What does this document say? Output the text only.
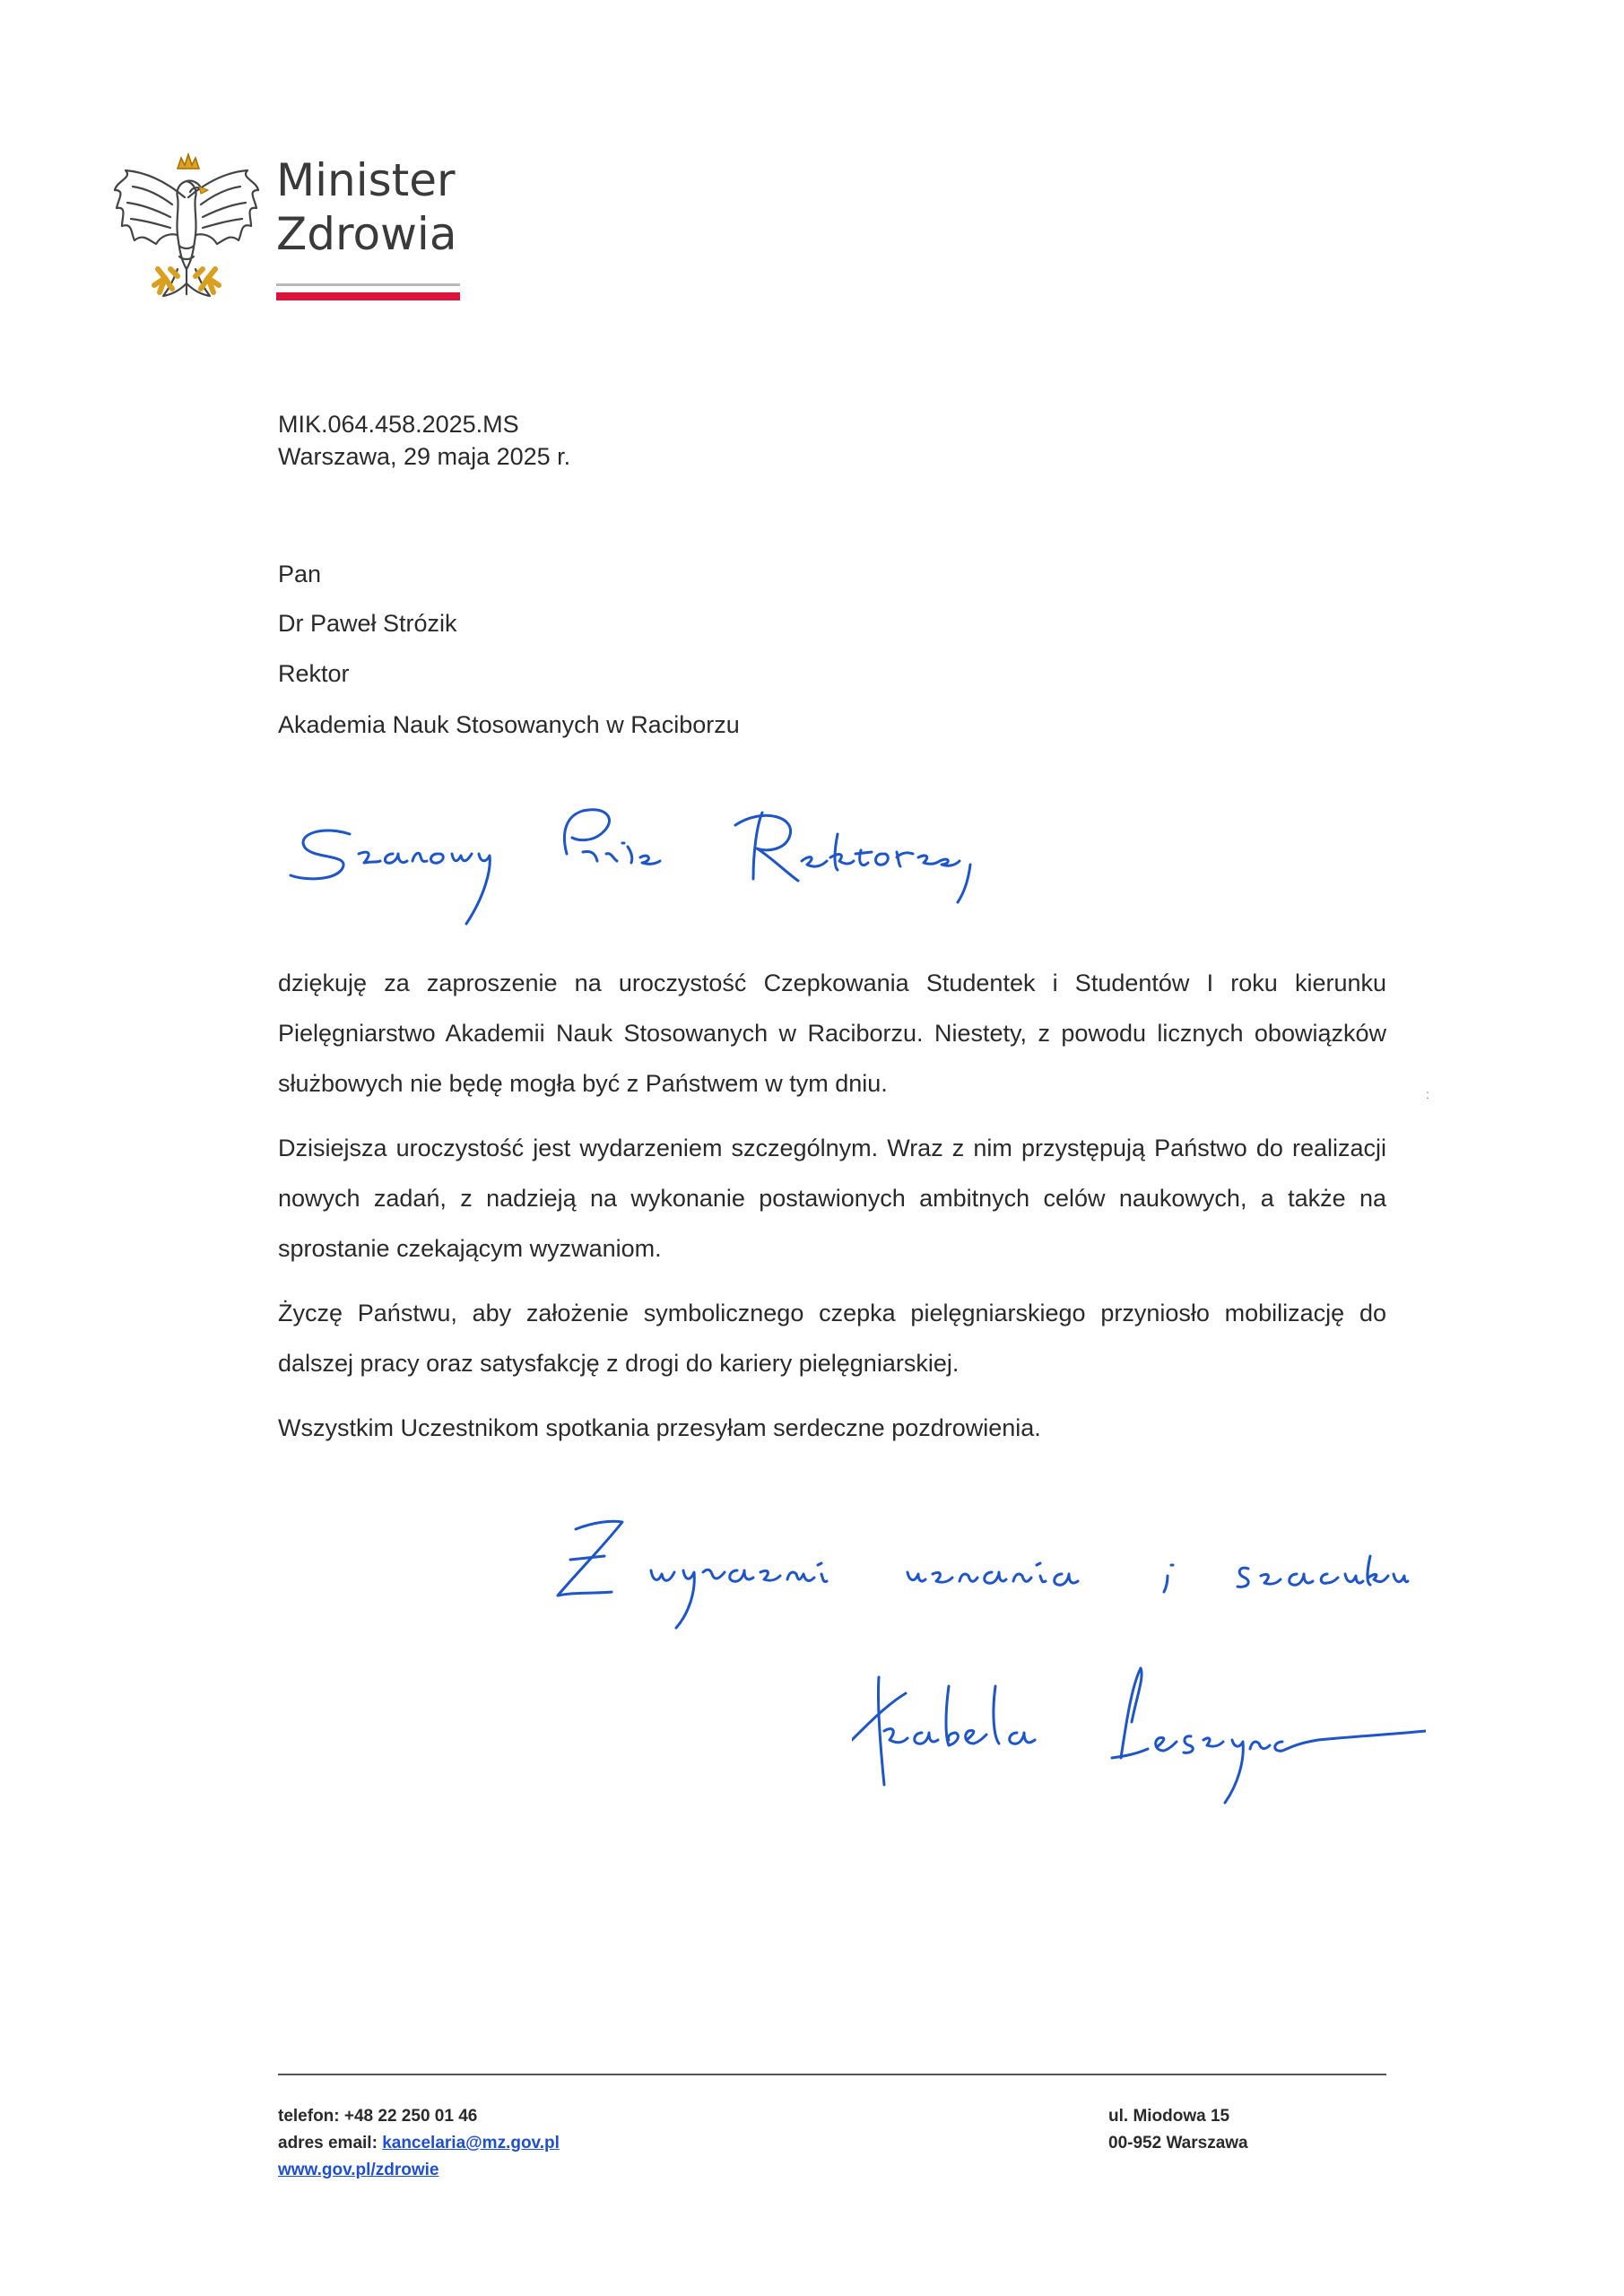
Minister
Zdrowia
MIK.064.458.2025.MS
Warszawa, 29 maja 2025 r.
Pan
Dr Paweł Strózik
Rektor
Akademia Nauk Stosowanych w Raciborzu

dziękuję za zaproszenie na uroczystość Czepkowania Studentek i Studentów I roku kierunku Pielęgniarstwo Akademii Nauk Stosowanych w Raciborzu. Niestety, z powodu licznych obowiązków służbowych nie będę mogła być z Państwem w tym dniu.

Dzisiejsza uroczystość jest wydarzeniem szczególnym. Wraz z nim przystępują Państwo do realizacji nowych zadań, z nadzieją na wykonanie postawionych ambitnych celów naukowych, a także na sprostanie czekającym wyzwaniom.

Życzę Państwu, aby założenie symbolicznego czepka pielęgniarskiego przyniosło mobilizację do dalszej pracy oraz satysfakcję z drogi do kariery pielęgniarskiej.

Wszystkim Uczestnikom spotkania przesyłam serdeczne pozdrowienia.

:
telefon: +48 22 250 01 46
adres email: kancelaria@mz.gov.pl
www.gov.pl/zdrowie
ul. Miodowa 15
00-952 Warszawa
